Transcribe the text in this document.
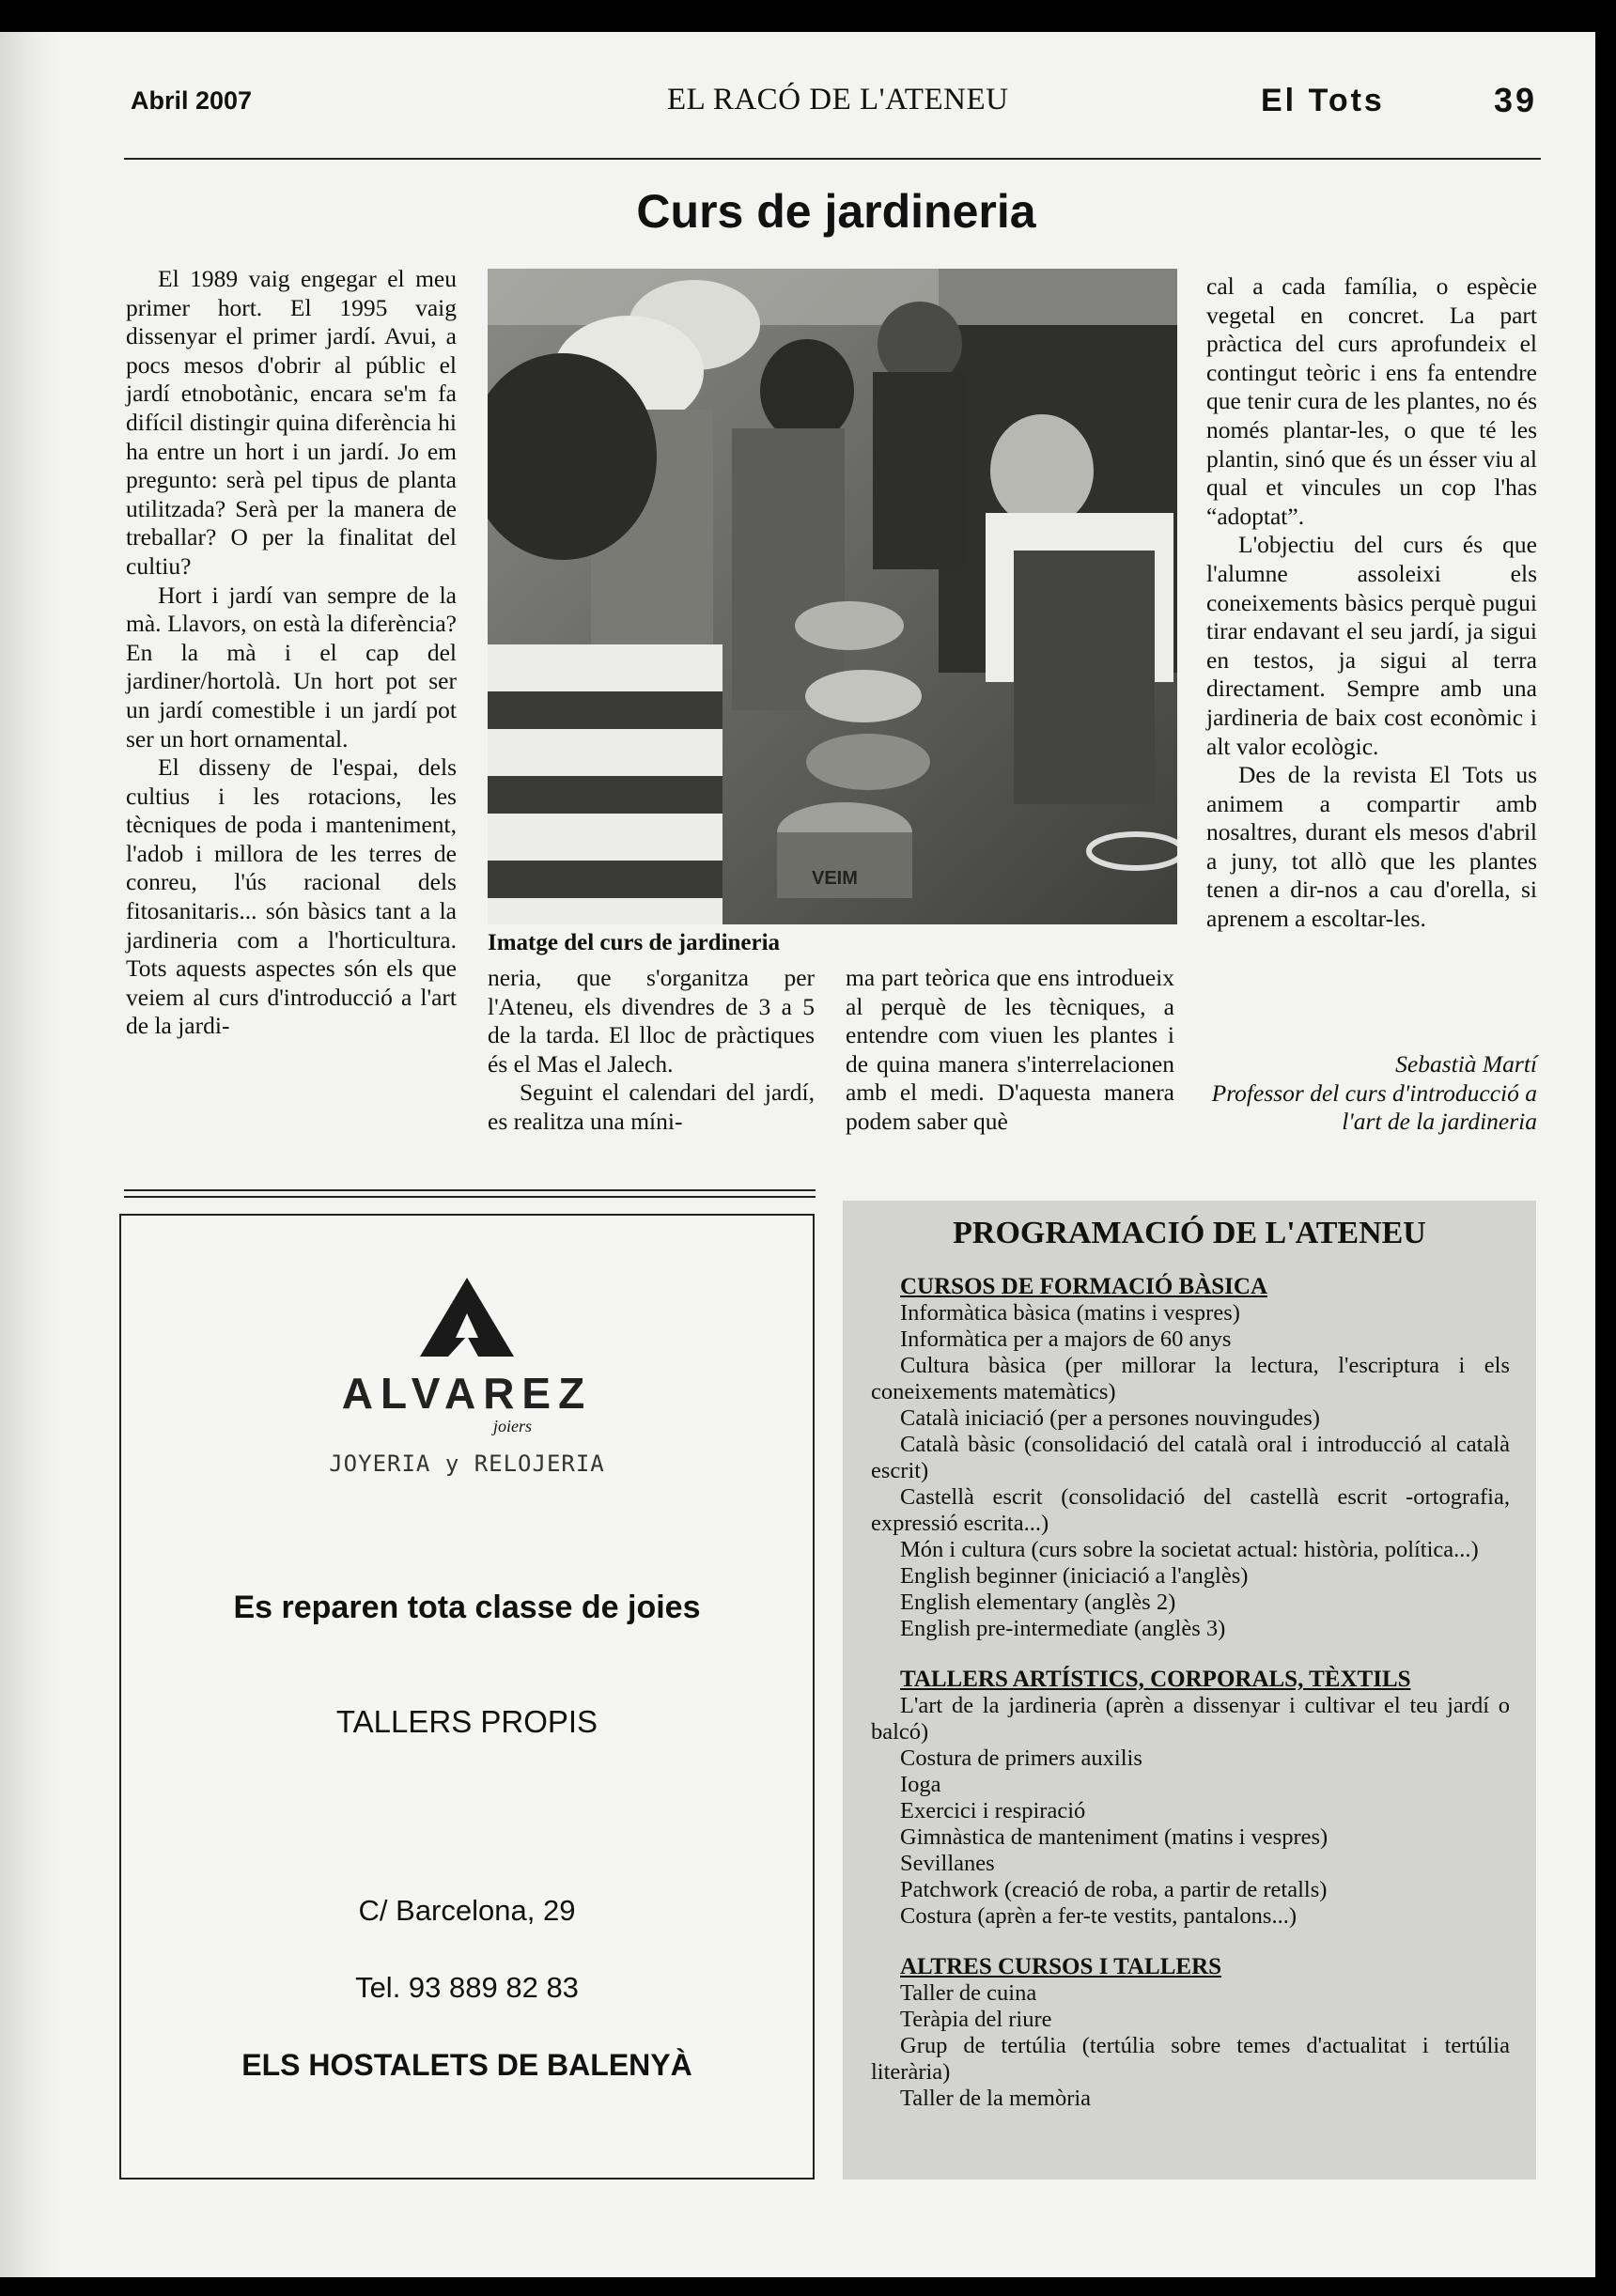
Abril 2007	EL RACÓ DE L'ATENEU	El Tots	39
Curs de jardineria

El 1989 vaig engegar el meu primer hort. El 1995 vaig dissenyar el primer jardí. Avui, a pocs mesos d'obrir al públic el jardí etnobotànic, encara se'm fa difícil distingir quina diferència hi ha entre un hort i un jardí. Jo em pregunto: serà pel tipus de planta utilitzada? Serà per la manera de treballar? O per la finalitat del cultiu?

Hort i jardí van sempre de la mà. Llavors, on està la diferència? En la mà i el cap del jardiner/hortolà. Un hort pot ser un jardí comestible i un jardí pot ser un hort ornamental.

El disseny de l'espai, dels cultius i les rotacions, les tècniques de poda i manteniment, l'adob i millora de les terres de conreu, l'ús racional dels fitosanitaris... són bàsics tant a la jardineria com a l'horticultura. Tots aquests aspectes són els que veiem al curs d'introducció a l'art de la jardi-

VEIM
Imatge del curs de jardineria

neria, que s'organitza per l'Ateneu, els divendres de 3 a 5 de la tarda. El lloc de pràctiques és el Mas el Jalech.

Seguint el calendari del jardí, es realitza una míni-

ma part teòrica que ens introdueix al perquè de les tècniques, a entendre com viuen les plantes i de quina manera s'interrelacionen amb el medi. D'aquesta manera podem saber què

cal a cada família, o espècie vegetal en concret. La part pràctica del curs aprofundeix el contingut teòric i ens fa entendre que tenir cura de les plantes, no és només plantar-les, o que té les plantin, sinó que és un ésser viu al qual et vincules un cop l'has “adoptat”.

L'objectiu del curs és que l'alumne assoleixi els coneixements bàsics perquè pugui tirar endavant el seu jardí, ja sigui en testos, ja sigui al terra directament. Sempre amb una jardineria de baix cost econòmic i alt valor ecològic.

Des de la revista El Tots us animem a compartir amb nosaltres, durant els mesos d'abril a juny, tot allò que les plantes tenen a dir-nos a cau d'orella, si aprenem a escoltar-les.

Sebastià Martí
Professor del curs d'introducció a l'art de la jardineria
ALVAREZ
joiers
JOYERIA y RELOJERIA
Es reparen tota classe de joies
TALLERS PROPIS
C/ Barcelona, 29
Tel. 93 889 82 83
ELS HOSTALETS DE BALENYÀ
PROGRAMACIÓ DE L'ATENEU
CURSOS DE FORMACIÓ BÀSICA
Informàtica bàsica (matins i vespres)
Informàtica per a majors de 60 anys
Cultura bàsica (per millorar la lectura, l'escriptura i els coneixements matemàtics)
Català iniciació (per a persones nouvingudes)
Català bàsic (consolidació del català oral i introducció al català escrit)
Castellà escrit (consolidació del castellà escrit -ortografia, expressió escrita...)
Món i cultura (curs sobre la societat actual: història, política...)
English beginner (iniciació a l'anglès)
English elementary (anglès 2)
English pre-intermediate (anglès 3)
TALLERS ARTÍSTICS, CORPORALS, TÈXTILS
L'art de la jardineria (aprèn a dissenyar i cultivar el teu jardí o balcó)
Costura de primers auxilis
Ioga
Exercici i respiració
Gimnàstica de manteniment (matins i vespres)
Sevillanes
Patchwork (creació de roba, a partir de retalls)
Costura (aprèn a fer-te vestits, pantalons...)
ALTRES CURSOS I TALLERS
Taller de cuina
Teràpia del riure
Grup de tertúlia (tertúlia sobre temes d'actualitat i tertúlia literària)
Taller de la memòria
